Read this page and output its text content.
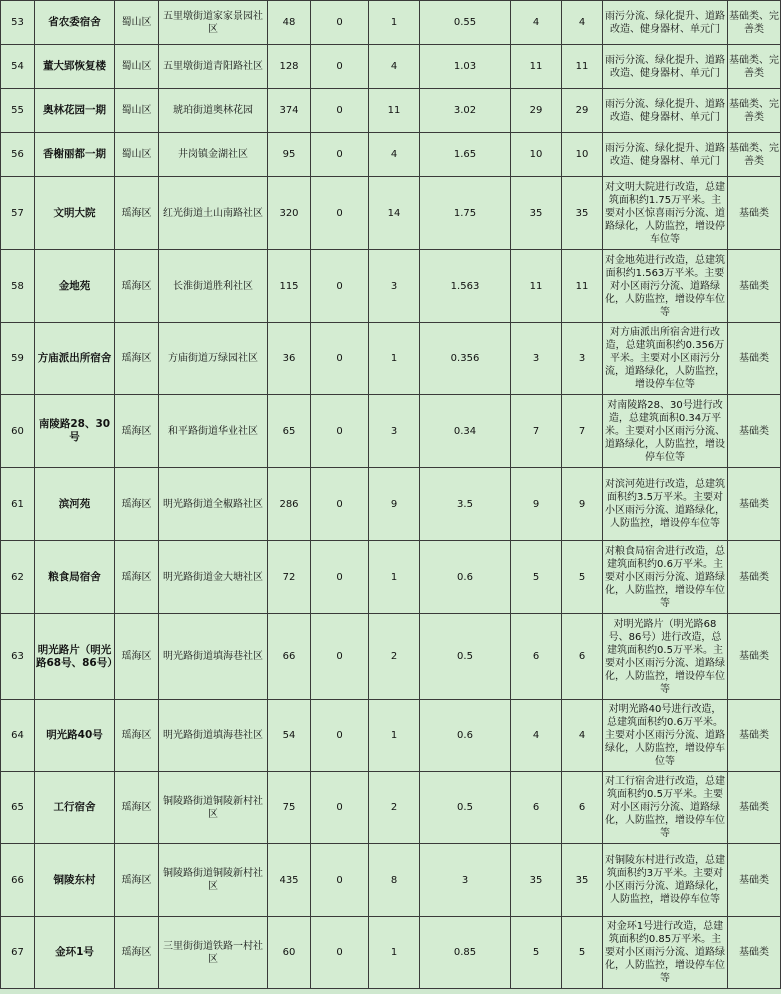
53	省农委宿舍	蜀山区	五里墩街道家家景园社区	48	0	1	0.55	4	4	雨污分流、绿化提升、道路改造、健身器材、单元门	基础类、完善类
54	董大郢恢复楼	蜀山区	五里墩街道青阳路社区	128	0	4	1.03	11	11	雨污分流、绿化提升、道路改造、健身器材、单元门	基础类、完善类
55	奥林花园一期	蜀山区	琥珀街道奥林花园	374	0	11	3.02	29	29	雨污分流、绿化提升、道路改造、健身器材、单元门	基础类、完善类
56	香榭丽都一期	蜀山区	井岗镇金湖社区	95	0	4	1.65	10	10	雨污分流、绿化提升、道路改造、健身器材、单元门	基础类、完善类
57	文明大院	瑶海区	红光街道土山南路社区	320	0	14	1.75	35	35	对文明大院进行改造，总建筑面积约1.75万平米。主要对小区惊喜雨污分流、道路绿化，人防监控，增设停车位等	基础类
58	金地苑	瑶海区	长淮街道胜利社区	115	0	3	1.563	11	11	对金地苑进行改造，总建筑面积约1.563万平米。主要对小区雨污分流、道路绿化，人防监控，增设停车位等	基础类
59	方庙派出所宿舍	瑶海区	方庙街道万绿园社区	36	0	1	0.356	3	3	对方庙派出所宿舍进行改造，总建筑面积约0.356万平米。主要对小区雨污分流，道路绿化，人防监控，增设停车位等	基础类
60	南陵路28、30号	瑶海区	和平路街道华业社区	65	0	3	0.34	7	7	对南陵路28、30号进行改造，总建筑面积0.34万平米。主要对小区雨污分流、道路绿化，人防监控，增设停车位等	基础类
61	滨河苑	瑶海区	明光路街道全椒路社区	286	0	9	3.5	9	9	对滨河苑进行改造，总建筑面积约3.5万平米。主要对小区雨污分流、道路绿化，人防监控，增设停车位等	基础类
62	粮食局宿舍	瑶海区	明光路街道金大塘社区	72	0	1	0.6	5	5	对粮食局宿舍进行改造，总建筑面积约0.6万平米。主要对小区雨污分流、道路绿化，人防监控，增设停车位等	基础类
63	明光路片（明光路68号、86号）	瑶海区	明光路街道填海巷社区	66	0	2	0.5	6	6	对明光路片（明光路68号、86号）进行改造，总建筑面积约0.5万平米。主要对小区雨污分流、道路绿化，人防监控，增设停车位等	基础类
64	明光路40号	瑶海区	明光路街道填海巷社区	54	0	1	0.6	4	4	对明光路40号进行改造，总建筑面积约0.6万平米。主要对小区雨污分流、道路绿化，人防监控，增设停车位等	基础类
65	工行宿舍	瑶海区	铜陵路街道铜陵新村社区	75	0	2	0.5	6	6	对工行宿舍进行改造，总建筑面积约0.5万平米。主要对小区雨污分流、道路绿化，人防监控，增设停车位等	基础类
66	铜陵东村	瑶海区	铜陵路街道铜陵新村社区	435	0	8	3	35	35	对铜陵东村进行改造，总建筑面积约3万平米。主要对小区雨污分流、道路绿化，人防监控，增设停车位等	基础类
67	金环1号	瑶海区	三里街街道铁路一村社区	60	0	1	0.85	5	5	对金环1号进行改造，总建筑面积约0.85万平米。主要对小区雨污分流、道路绿化，人防监控，增设停车位等	基础类
